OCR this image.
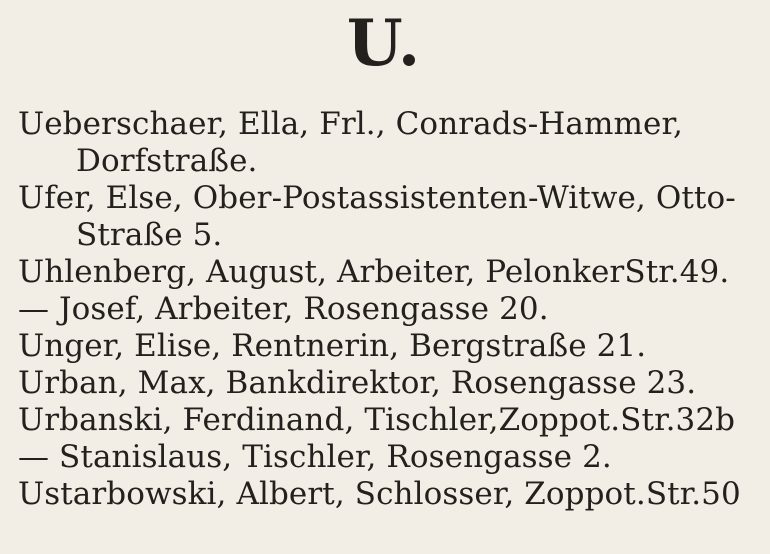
U.
Ueberschaer, Ella, Frl., Conrads-Hammer, Dorfstraße.
Ufer, Else, Ober-Postassistenten-Witwe, Otto-Straße 5.
Uhlenberg, August, Arbeiter, PelonkerStr.49.
— Josef, Arbeiter, Rosengasse 20.
Unger, Elise, Rentnerin, Bergstraße 21.
Urban, Max, Bankdirektor, Rosengasse 23.
Urbanski, Ferdinand, Tischler,Zoppot.Str.32b
— Stanislaus, Tischler, Rosengasse 2.
Ustarbowski, Albert, Schlosser, Zoppot.Str.50
